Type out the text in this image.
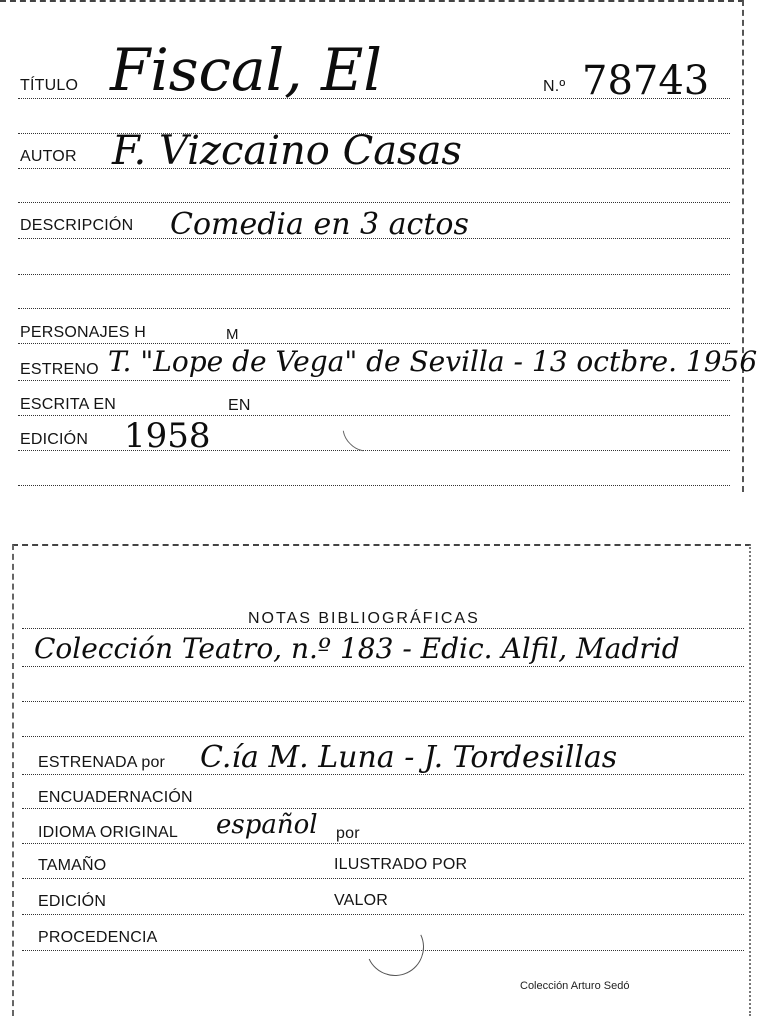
TÍTULO Fiscal, El	N.º 78743
AUTOR F. Vizcaino Casas
DESCRIPCIÓN Comedia en 3 actos
PERSONAJES H	M
ESTRENO T. "Lope de Vega" de Sevilla - 13 octbre. 1956
ESCRITA EN	EN
EDICIÓN 1958
NOTAS BIBLIOGRÁFICAS
Colección Teatro, n.º 183 - Edic. Alfil, Madrid
ESTRENADA por C.ía M. Luna - J. Tordesillas
ENCUADERNACIÓN
IDIOMA ORIGINAL español por
TAMAÑO	ILUSTRADO POR
EDICIÓN	VALOR
PROCEDENCIA
Colección Arturo Sedó
